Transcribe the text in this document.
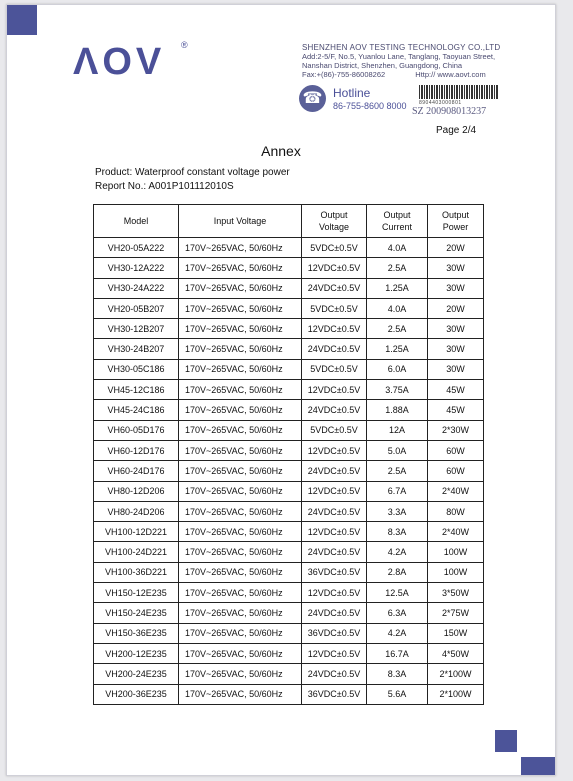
ΛOV ®	SHENZHEN AOV TESTING TECHNOLOGY CO.,LTD
Add:2-5/F, No.5, Yuanlou Lane, Tanglang, Taoyuan Street,
Nanshan District, Shenzhen, Guangdong, China
Fax:+(86)-755-86008262	Http:// www.aovt.com
☎ Hotline
86-755-8600 8000 8904403000801
SZ 200908013237
Page 2/4
Annex
Product: Waterproof constant voltage power
Report No.: A001P101112010S
Model	Input Voltage	Output Voltage	Output Current	Output Power
VH20-05A222	170V~265VAC, 50/60Hz	5VDC±0.5V	4.0A	20W
VH30-12A222	170V~265VAC, 50/60Hz	12VDC±0.5V	2.5A	30W
VH30-24A222	170V~265VAC, 50/60Hz	24VDC±0.5V	1.25A	30W
VH20-05B207	170V~265VAC, 50/60Hz	5VDC±0.5V	4.0A	20W
VH30-12B207	170V~265VAC, 50/60Hz	12VDC±0.5V	2.5A	30W
VH30-24B207	170V~265VAC, 50/60Hz	24VDC±0.5V	1.25A	30W
VH30-05C186	170V~265VAC, 50/60Hz	5VDC±0.5V	6.0A	30W
VH45-12C186	170V~265VAC, 50/60Hz	12VDC±0.5V	3.75A	45W
VH45-24C186	170V~265VAC, 50/60Hz	24VDC±0.5V	1.88A	45W
VH60-05D176	170V~265VAC, 50/60Hz	5VDC±0.5V	12A	2*30W
VH60-12D176	170V~265VAC, 50/60Hz	12VDC±0.5V	5.0A	60W
VH60-24D176	170V~265VAC, 50/60Hz	24VDC±0.5V	2.5A	60W
VH80-12D206	170V~265VAC, 50/60Hz	12VDC±0.5V	6.7A	2*40W
VH80-24D206	170V~265VAC, 50/60Hz	24VDC±0.5V	3.3A	80W
VH100-12D221	170V~265VAC, 50/60Hz	12VDC±0.5V	8.3A	2*40W
VH100-24D221	170V~265VAC, 50/60Hz	24VDC±0.5V	4.2A	100W
VH100-36D221	170V~265VAC, 50/60Hz	36VDC±0.5V	2.8A	100W
VH150-12E235	170V~265VAC, 50/60Hz	12VDC±0.5V	12.5A	3*50W
VH150-24E235	170V~265VAC, 50/60Hz	24VDC±0.5V	6.3A	2*75W
VH150-36E235	170V~265VAC, 50/60Hz	36VDC±0.5V	4.2A	150W
VH200-12E235	170V~265VAC, 50/60Hz	12VDC±0.5V	16.7A	4*50W
VH200-24E235	170V~265VAC, 50/60Hz	24VDC±0.5V	8.3A	2*100W
VH200-36E235	170V~265VAC, 50/60Hz	36VDC±0.5V	5.6A	2*100W
